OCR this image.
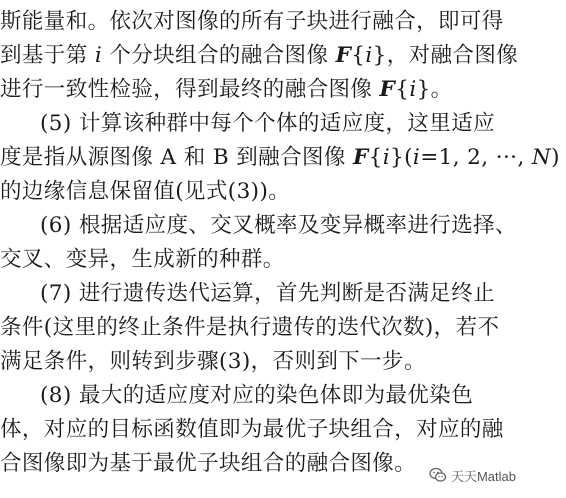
斯能量和。依次对图像的所有子块进行融合，即可得
到基于第 i 个分块组合的融合图像 F{i}，对融合图像
进行一致性检验，得到最终的融合图像 F{i}。
(5) 计算该种群中每个个体的适应度，这里适应
度是指从源图像 A 和 B 到融合图像 F{i}(i=1, 2, ···, N)
的边缘信息保留值(见式(3))。
(6) 根据适应度、交叉概率及变异概率进行选择、
交叉、变异，生成新的种群。
(7) 进行遗传迭代运算，首先判断是否满足终止
条件(这里的终止条件是执行遗传的迭代次数)，若不
满足条件，则转到步骤(3)，否则到下一步。
(8) 最大的适应度对应的染色体即为最优染色
体，对应的目标函数值即为最优子块组合，对应的融
合图像即为基于最优子块组合的融合图像。	天天Matlab
